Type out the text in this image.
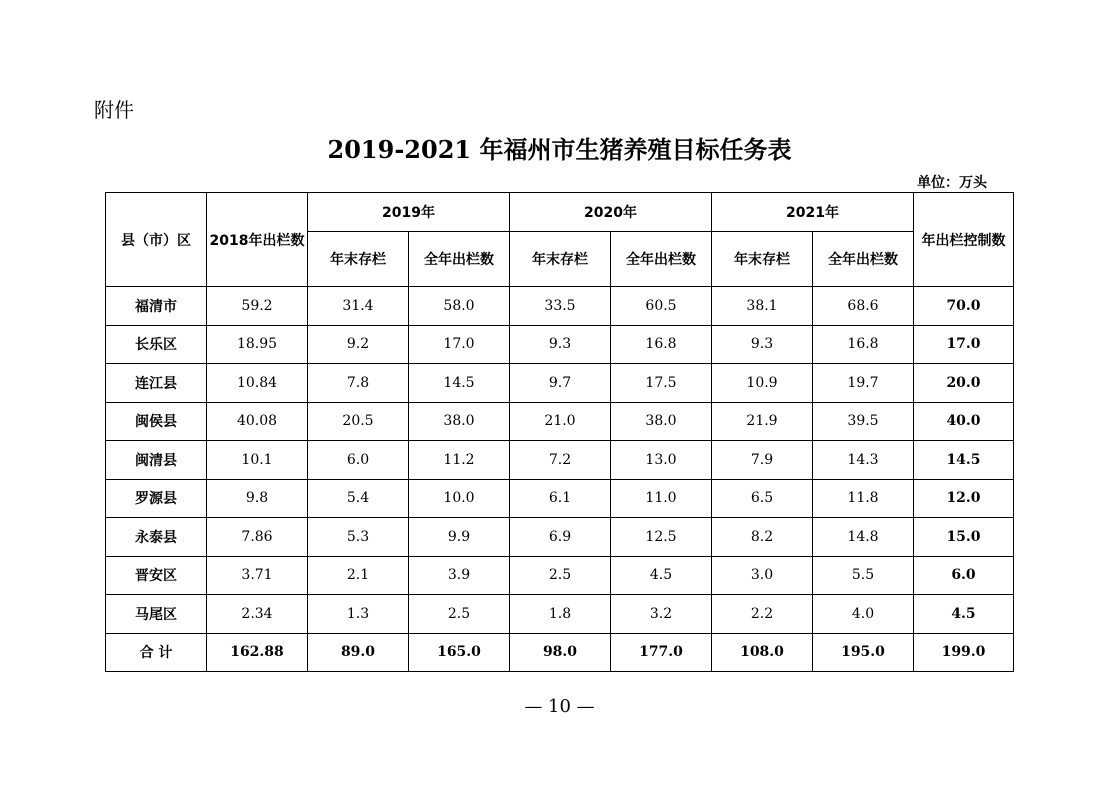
附件
2019-2021 年福州市生猪养殖目标任务表
单位：万头
县（市）区	2018年出栏数	2019年		2020年		2021年		年出栏控制数
		年末存栏	全年出栏数	年末存栏	全年出栏数	年末存栏	全年出栏数	
福清市	59.2	31.4	58.0	33.5	60.5	38.1	68.6	70.0
长乐区	18.95	9.2	17.0	9.3	16.8	9.3	16.8	17.0
连江县	10.84	7.8	14.5	9.7	17.5	10.9	19.7	20.0
闽侯县	40.08	20.5	38.0	21.0	38.0	21.9	39.5	40.0
闽清县	10.1	6.0	11.2	7.2	13.0	7.9	14.3	14.5
罗源县	9.8	5.4	10.0	6.1	11.0	6.5	11.8	12.0
永泰县	7.86	5.3	9.9	6.9	12.5	8.2	14.8	15.0
晋安区	3.71	2.1	3.9	2.5	4.5	3.0	5.5	6.0
马尾区	2.34	1.3	2.5	1.8	3.2	2.2	4.0	4.5
合 计	162.88	89.0	165.0	98.0	177.0	108.0	195.0	199.0
— 10 —
